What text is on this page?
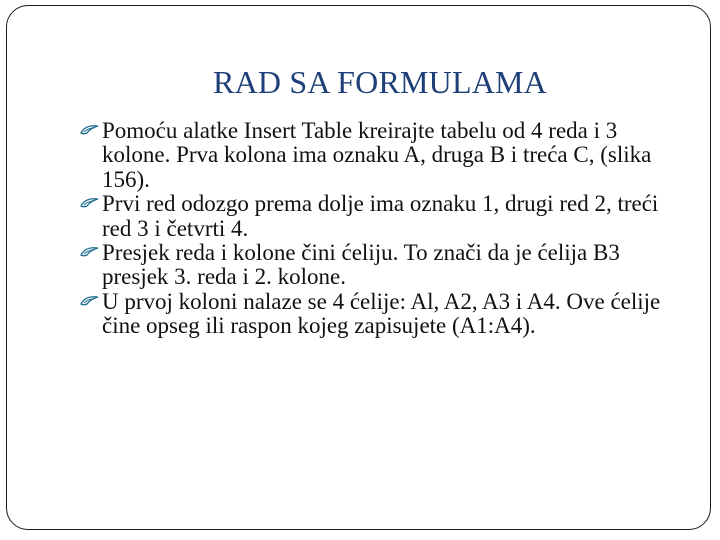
RAD SA FORMULAMA
Pomoću alatke Insert Table kreirajte tabelu od 4 reda i 3 kolone. Prva kolona ima oznaku A, druga B i treća C, (slika 156).
Prvi red odozgo prema dolje ima oznaku 1, drugi red 2, treći red 3 i četvrti 4.
Presjek reda i kolone čini ćeliju. To znači da je ćelija B3 presjek 3. reda i 2. kolone.
U prvoj koloni nalaze se 4 ćelije: Al, A2, A3 i A4. Ove ćelije čine opseg ili raspon kojeg zapisujete (A1:A4).
